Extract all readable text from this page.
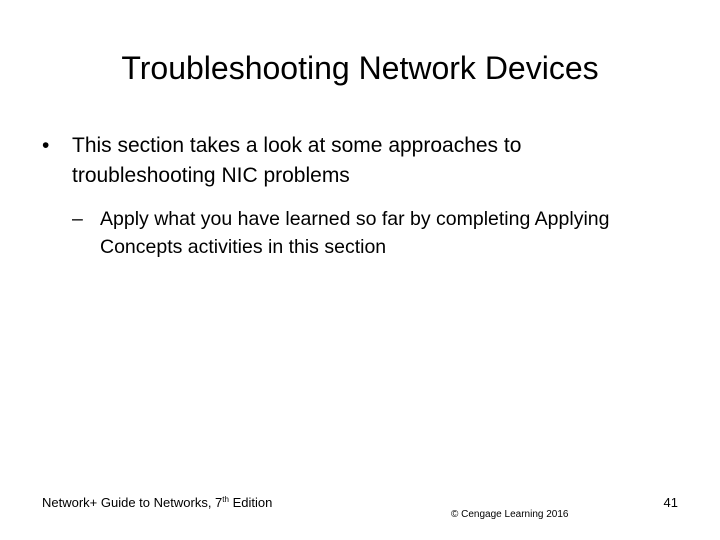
Troubleshooting Network Devices

•	This section takes a look at some approaches to troubleshooting NIC problems

– Apply what you have learned so far by completing Applying Concepts activities in this section

Network+ Guide to Networks, 7th Edition
© Cengage Learning 2016
41
